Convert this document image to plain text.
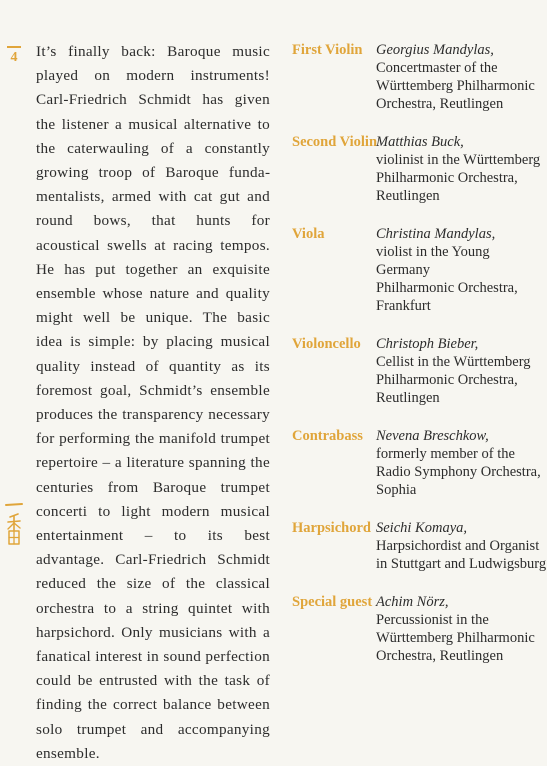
4 It’s finally back: Baroque music played on modern instruments! Carl-Friedrich Schmidt has given the listener a musical alternative to the caterwauling of a constantly growing troop of Baroque fundamentalists, armed with cat gut and round bows, that hunts for acoustical swells at racing tempos. He has put together an exquisite ensemble whose nature and quality might well be unique. The basic idea is simple: by placing musical quality instead of quantity as its foremost goal, Schmidt’s ensemble produces the transparency necessary for performing the manifold trumpet repertoire – a literature spanning the centuries from Baroque trumpet concerti to light modern musical entertainment – to its best advantage. Carl-Friedrich Schmidt reduced the size of the classical orchestra to a string quintet with harpsichord. Only musicians with a fanatical interest in sound perfection could be entrusted with the task of finding the correct balance between solo trumpet and accompanying ensemble.

First Violin Georgius Mandylas,
Concertmaster of the
Württemberg Philharmonic
Orchestra, Reutlingen
Second Violin
Matthias Buck,
violinist in the Württemberg
Philharmonic Orchestra,
Reutlingen
Viola	Christina Mandylas,
violist in the Young Germany
Philharmonic Orchestra,
Frankfurt
Violoncello	Christoph Bieber,
Cellist in the Württemberg
Philharmonic Orchestra,
Reutlingen
Contrabass Nevena Breschkow,
formerly member of the
Radio Symphony Orchestra,
Sophia
Harpsichord Seichi Komaya,
Harpsichordist and Organist
in Stuttgart and Ludwigsburg
Special guest Achim Nörz,
Percussionist in the
Württemberg Philharmonic
Orchestra, Reutlingen
